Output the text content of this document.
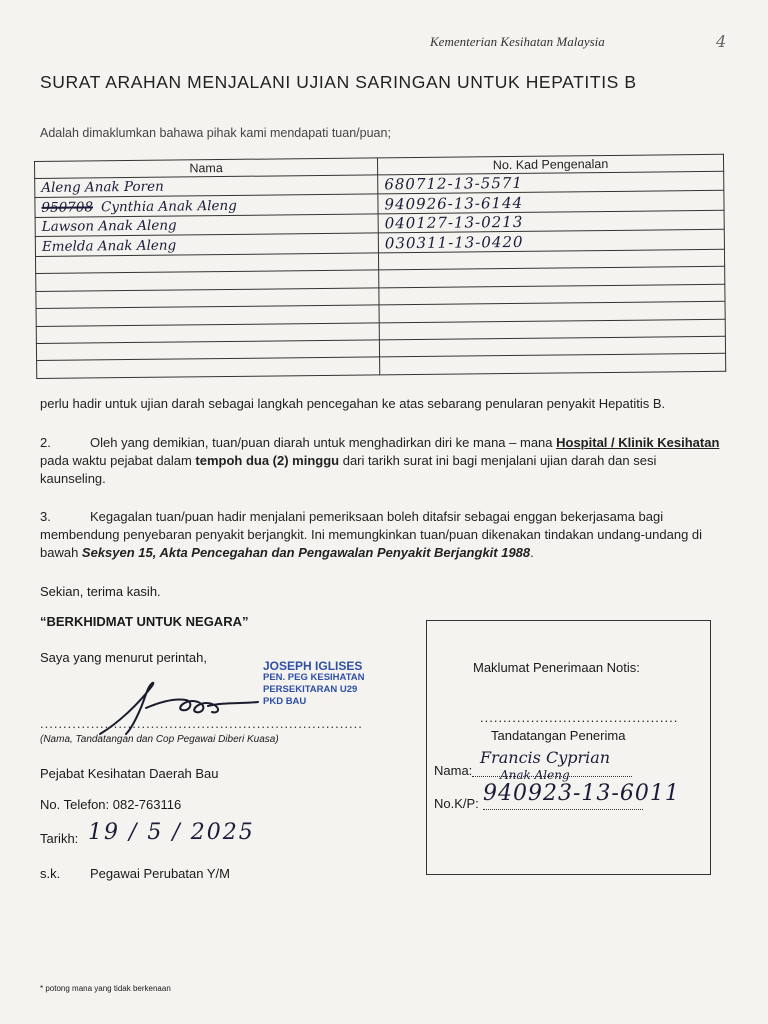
Kementerian Kesihatan Malaysia	4
SURAT ARAHAN MENJALANI UJIAN SARINGAN UNTUK HEPATITIS B
Adalah dimaklumkan bahawa pihak kami mendapati tuan/puan;
Nama	No. Kad Pengenalan
Aleng Anak Poren	680712-13-5571
950708 Cynthia Anak Aleng	940926-13-6144
Lawson Anak Aleng	040127-13-0213
Emelda Anak Aleng	030311-13-0420

perlu hadir untuk ujian darah sebagai langkah pencegahan ke atas sebarang penularan penyakit Hepatitis B.
2.	Oleh yang demikian, tuan/puan diarah untuk menghadirkan diri ke mana – mana Hospital / Klinik Kesihatan pada waktu pejabat dalam tempoh dua (2) minggu dari tarikh surat ini bagi menjalani ujian darah dan sesi kaunseling.
3.	Kegagalan tuan/puan hadir menjalani pemeriksaan boleh ditafsir sebagai enggan bekerjasama bagi membendung penyebaran penyakit berjangkit. Ini memungkinkan tuan/puan dikenakan tindakan undang-undang di bawah Seksyen 15, Akta Pencegahan dan Pengawalan Penyakit Berjangkit 1988.
Sekian, terima kasih.
“BERKHIDMAT UNTUK NEGARA”
Saya yang menurut perintah,
JOSEPH IGLISES
PEN. PEG KESIHATAN
PERSEKITARAN U29
PKD BAU
......................................................................
(Nama, Tandatangan dan Cop Pegawai Diberi Kuasa)
Pejabat Kesihatan Daerah Bau
No. Telefon: 082-763116
Tarikh: 19 / 5 / 2025
s.k. Pegawai Perubatan Y/M
Maklumat Penerimaan Notis:
...........................................
Tandatangan Penerima
Nama:
Francis Cyprian
Anak Aleng
No.K/P: 940923-13-6011
* potong mana yang tidak berkenaan
